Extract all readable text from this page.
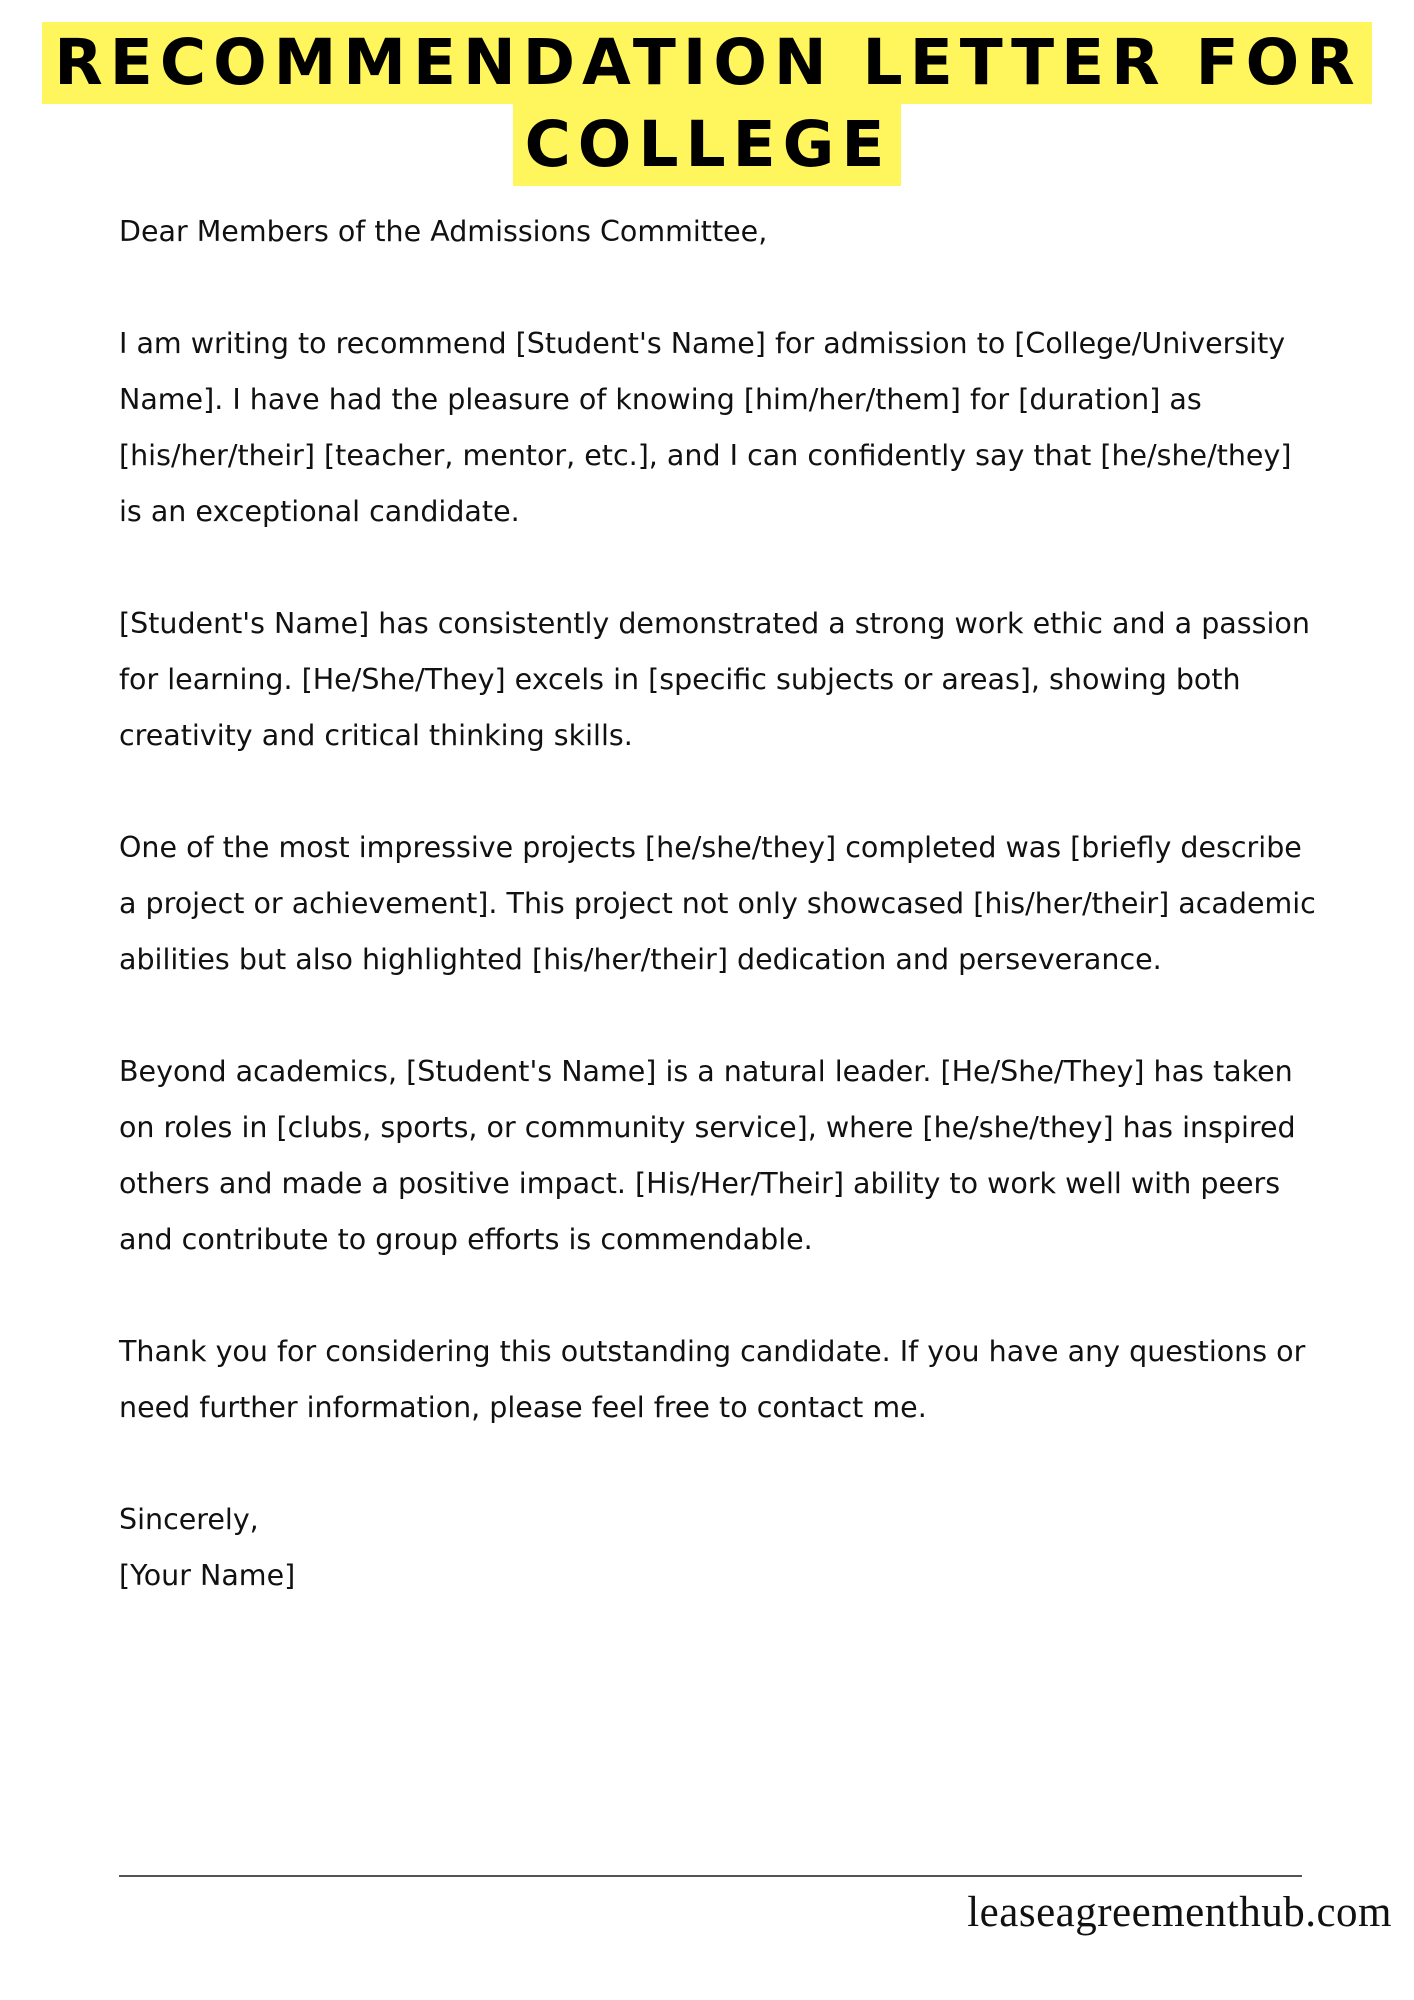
RECOMMENDATION LETTER FOR
COLLEGE

Dear Members of the Admissions Committee,

I am writing to recommend [Student's Name] for admission to [College/University Name]. I have had the pleasure of knowing [him/her/them] for [duration] as [his/her/their] [teacher, mentor, etc.], and I can confidently say that [he/she/they] is an exceptional candidate.

[Student's Name] has consistently demonstrated a strong work ethic and a passion for learning. [He/She/They] excels in [specific subjects or areas], showing both creativity and critical thinking skills.

One of the most impressive projects [he/she/they] completed was [briefly describe a project or achievement]. This project not only showcased [his/her/their] academic abilities but also highlighted [his/her/their] dedication and perseverance.

Beyond academics, [Student's Name] is a natural leader. [He/She/They] has taken on roles in [clubs, sports, or community service], where [he/she/they] has inspired others and made a positive impact. [His/Her/Their] ability to work well with peers and contribute to group efforts is commendable.

Thank you for considering this outstanding candidate. If you have any questions or need further information, please feel free to contact me.

Sincerely,

[Your Name]

leaseagreementhub.com
